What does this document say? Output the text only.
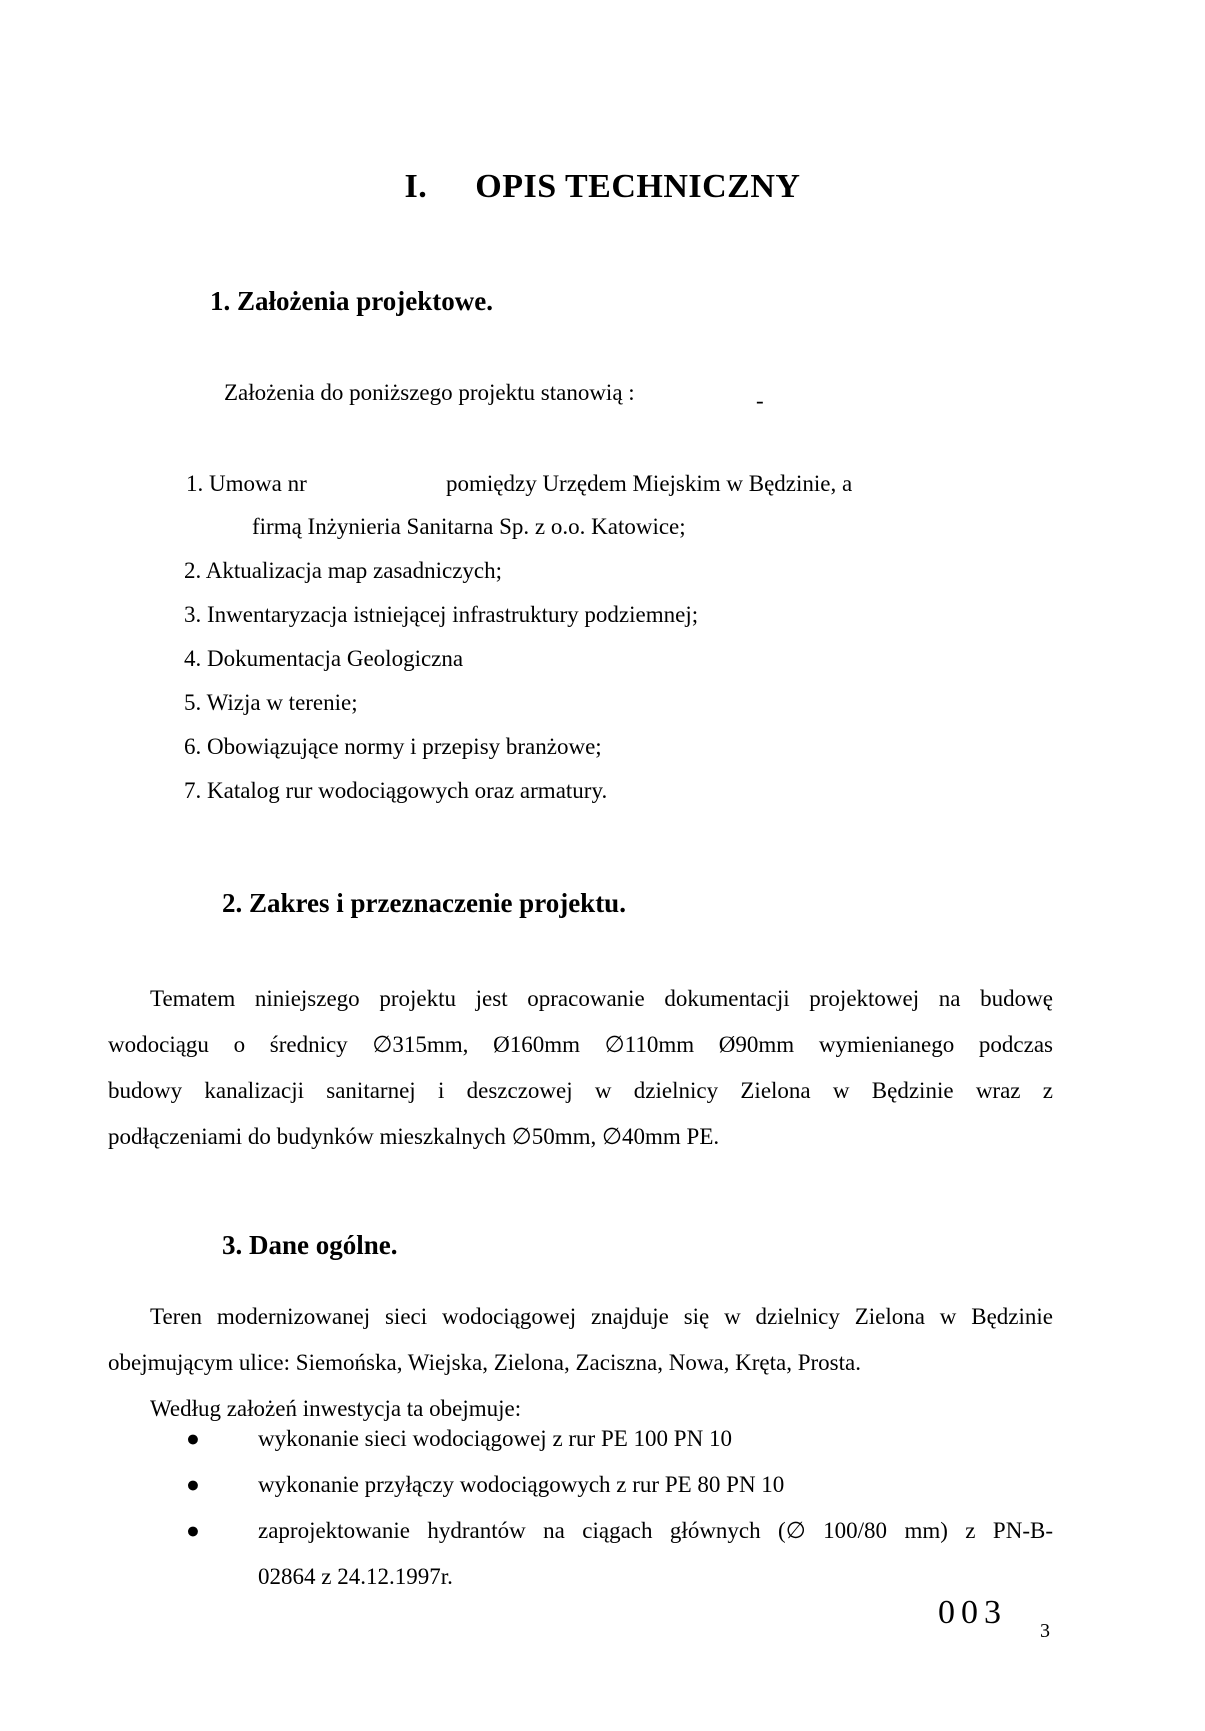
I. OPIS TECHNICZNY
1. Założenia projektowe.
Założenia do poniższego projektu stanowią :	-
1. Umowa nr	pomiędzy Urzędem Miejskim w Będzinie, a
firmą Inżynieria Sanitarna Sp. z o.o. Katowice;
2. Aktualizacja map zasadniczych;
3. Inwentaryzacja istniejącej infrastruktury podziemnej;
4. Dokumentacja Geologiczna
5. Wizja w terenie;
6. Obowiązujące normy i przepisy branżowe;
7. Katalog rur wodociągowych oraz armatury.
2. Zakres i przeznaczenie projektu.
Tematem niniejszego projektu jest opracowanie dokumentacji projektowej na budowę
wodociągu o średnicy ∅315mm, Ø160mm ∅110mm Ø90mm wymienianego podczas
budowy kanalizacji sanitarnej i deszczowej w dzielnicy Zielona w Będzinie wraz z
podłączeniami do budynków mieszkalnych ∅50mm, ∅40mm PE.
3. Dane ogólne.
Teren modernizowanej sieci wodociągowej znajduje się w dzielnicy Zielona w Będzinie
obejmującym ulice: Siemońska, Wiejska, Zielona, Zaciszna, Nowa, Kręta, Prosta.
Według założeń inwestycja ta obejmuje:
●	wykonanie sieci wodociągowej z rur PE 100 PN 10
●	wykonanie przyłączy wodociągowych z rur PE 80 PN 10
●	zaprojektowanie hydrantów na ciągach głównych (∅ 100/80 mm) z PN-B-
02864 z 24.12.1997r.
003 3
